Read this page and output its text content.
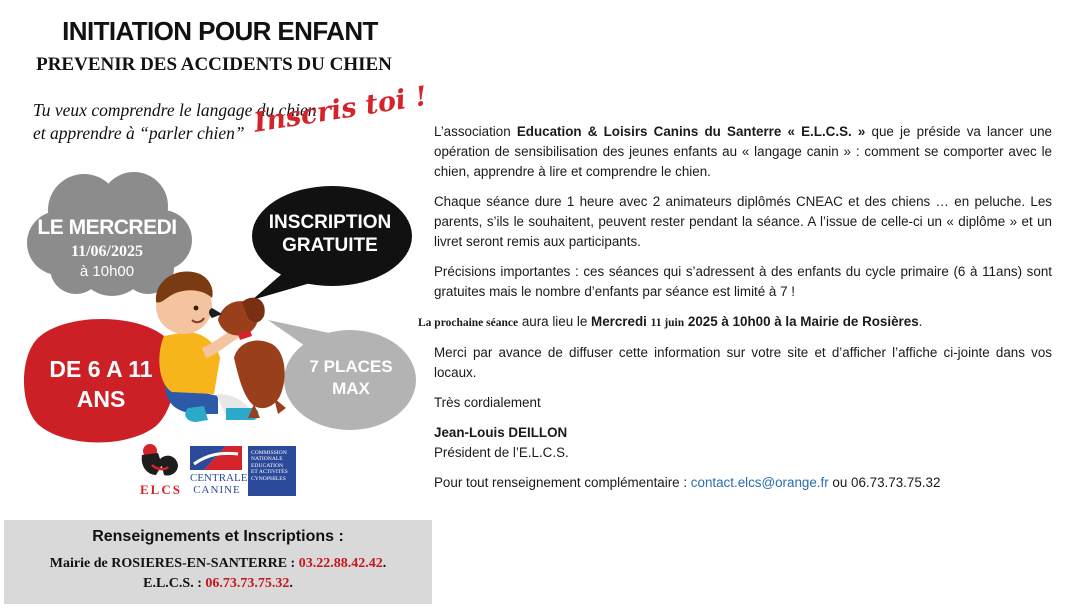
INITIATION POUR ENFANT
PREVENIR DES ACCIDENTS DU CHIEN
Tu veux comprendre le langage du chien
et apprendre à “parler chien” Inscris toi !
LE MERCREDI
11/06/2025
à 10h00
INSCRIPTION
GRATUITE
DE 6 A 11
ANS
7 PLACES
MAX
ELCS
CENTRALE
CANINE
COMMISSION
NATIONALE
EDUCATION
ET ACTIVITÉS
CYNOPHILES
Renseignements et Inscriptions :
Mairie de ROSIERES-EN-SANTERRE : 03.22.88.42.42.
E.L.C.S. : 06.73.73.75.32.

L’association Education & Loisirs Canins du Santerre « E.L.C.S. » que je préside va lancer une opération de sensibilisation des jeunes enfants au « langage canin » : comment se comporter avec le chien, apprendre à lire et comprendre le chien.

Chaque séance dure 1 heure avec 2 animateurs diplômés CNEAC et des chiens … en peluche. Les parents, s’ils le souhaitent, peuvent rester pendant la séance. A l’issue de celle-ci un « diplôme » et un livret seront remis aux participants.

Précisions importantes : ces séances qui s’adressent à des enfants du cycle primaire (6 à 11ans) sont gratuites mais le nombre d’enfants par séance est limité à 7 !

La prochaine séance aura lieu le Mercredi 11 juin 2025 à 10h00 à la Mairie de Rosières.

Merci par avance de diffuser cette information sur votre site et d’afficher l’affiche ci-jointe dans vos locaux.

Très cordialement

Jean-Louis DEILLON
Président de l’E.L.C.S.

Pour tout renseignement complémentaire : contact.elcs@orange.fr ou 06.73.73.75.32
